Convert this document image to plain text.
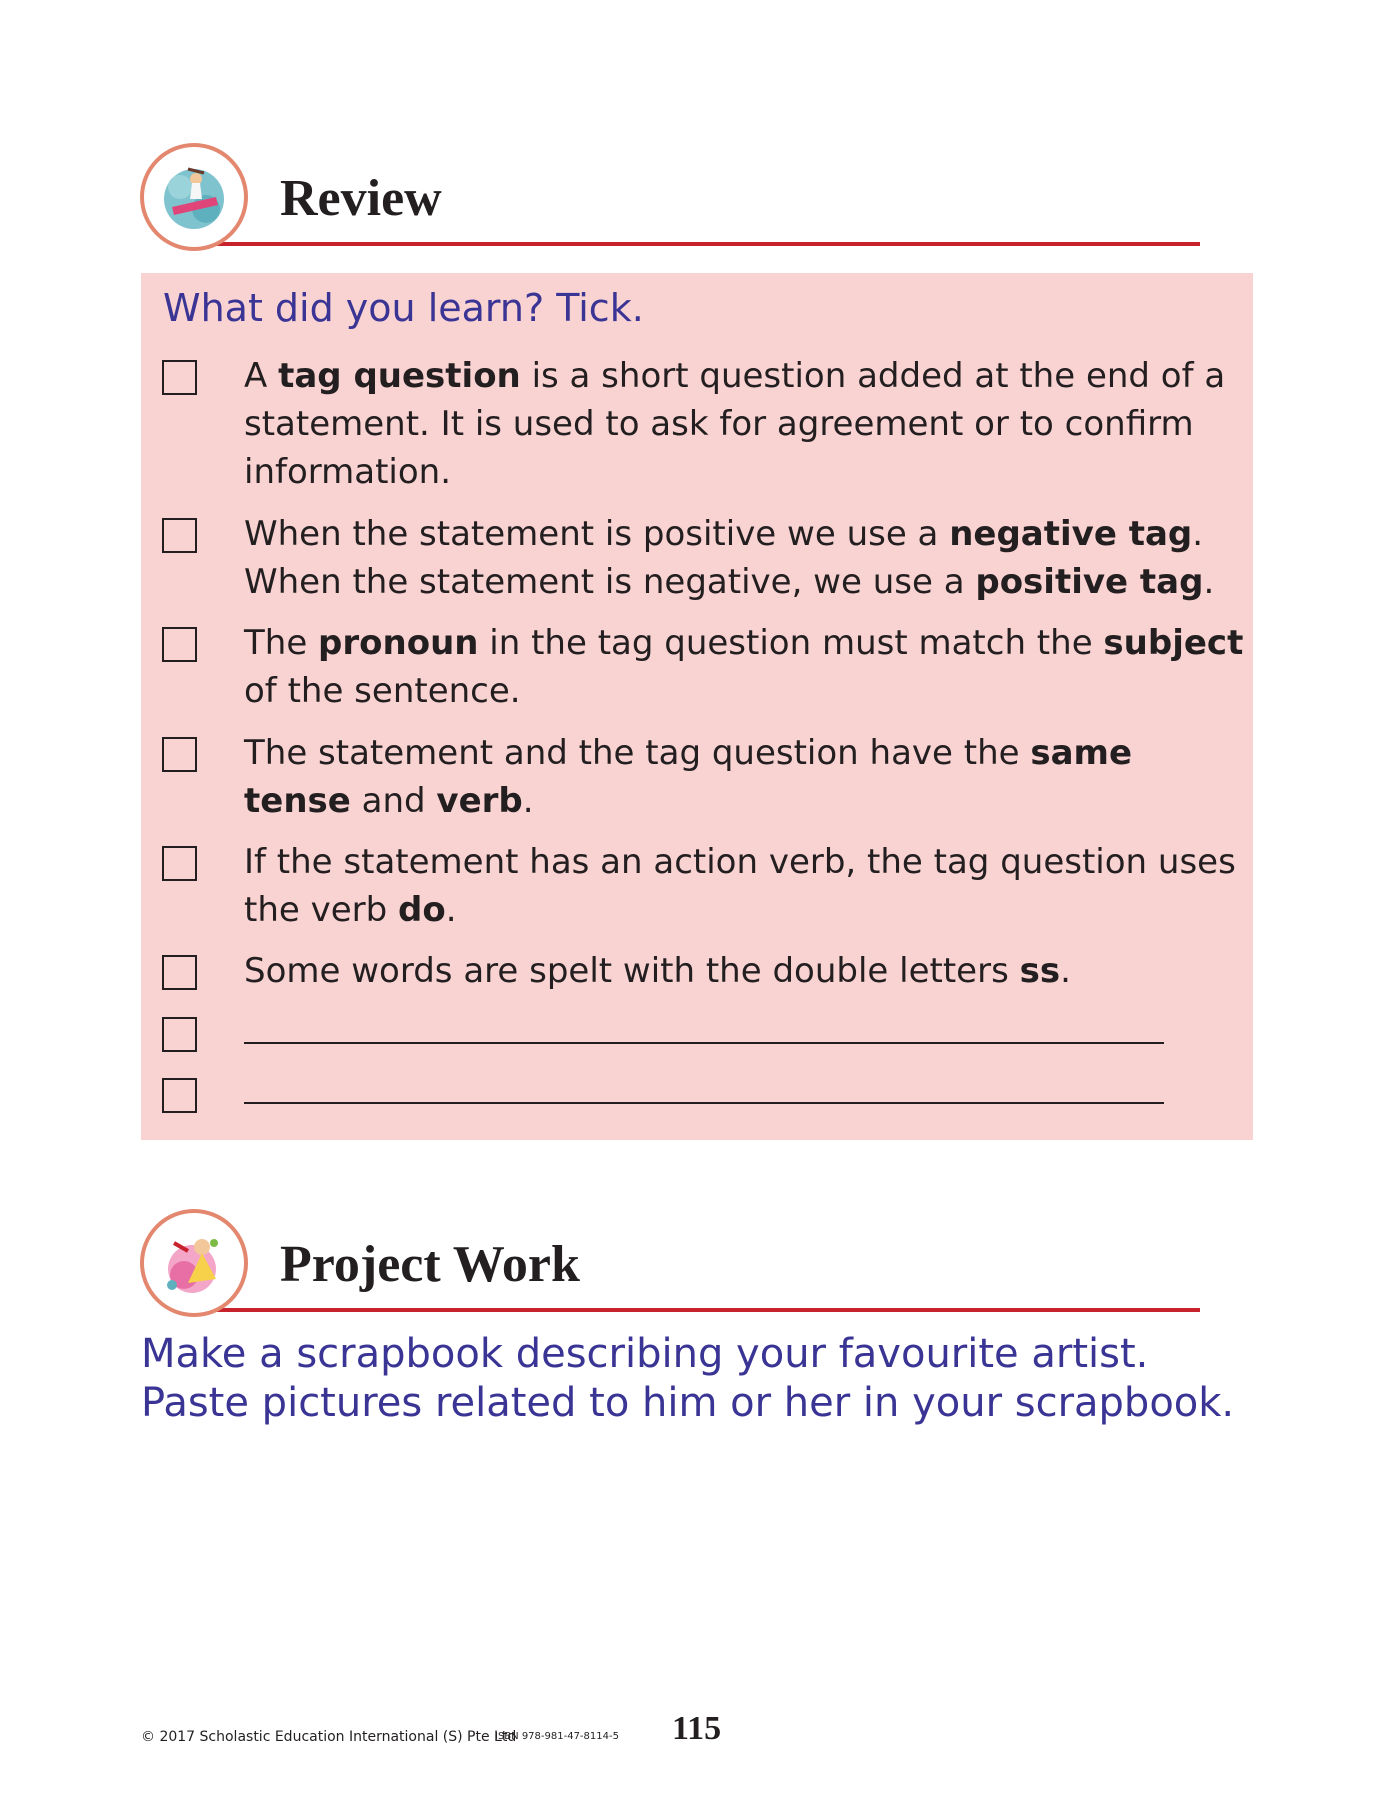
Review
What did you learn? Tick.
A tag question is a short question added at the end of a statement. It is used to ask for agreement or to confirm information.
When the statement is positive we use a negative tag. When the statement is negative, we use a positive tag.
The pronoun in the tag question must match the subject of the sentence.
The statement and the tag question have the same tense and verb.
If the statement has an action verb, the tag question uses the verb do.
Some words are spelt with the double letters ss.
Project Work
Make a scrapbook describing your favourite artist. Paste pictures related to him or her in your scrapbook.
© 2017 Scholastic Education International (S) Pte Ltd
ISBN 978-981-47-8114-5 115
